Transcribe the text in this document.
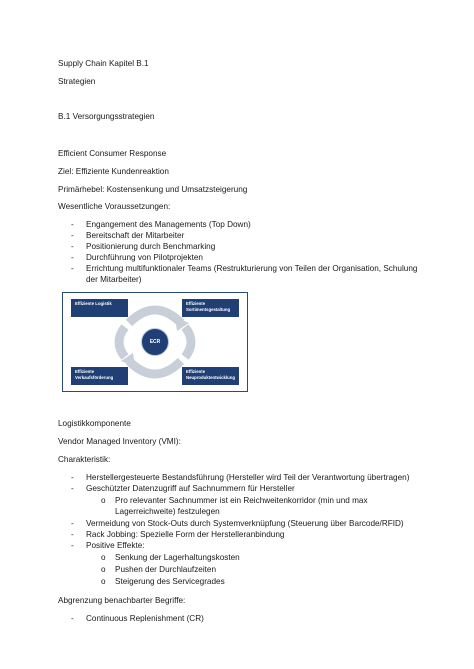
Supply Chain Kapitel B.1
Strategien
B.1 Versorgungsstrategien
Efficient Consumer Response
Ziel: Effiziente Kundenreaktion
Primärhebel: Kostensenkung und Umsatzsteigerung
Wesentliche Voraussetzungen:
-	Engangement des Managements (Top Down)
-	Bereitschaft der Mitarbeiter
-	Positionierung durch Benchmarking
-	Durchführung von Pilotprojekten
-	Errichtung multifunktionaler Teams (Restrukturierung von Teilen der Organisation, Schulung
der Mitarbeiter)
Effiziente Logistik	Effiziente Sortimentsgestaltung
Effiziente Verkaufsförderung
Effiziente Neuproduktentwicklung
ECR
Logistikkomponente
Vendor Managed Inventory (VMI):
Charakteristik:
-	Herstellergesteuerte Bestandsführung (Hersteller wird Teil der Verantwortung übertragen)
-	Geschützter Datenzugriff auf Sachnummern für Hersteller
o Pro relevanter Sachnummer ist ein Reichweitenkorridor (min und max
Lagerreichweite) festzulegen
-	Vermeidung von Stock-Outs durch Systemverknüpfung (Steuerung über Barcode/RFID)
-	Rack Jobbing: Spezielle Form der Herstelleranbindung
-	Positive Effekte:
o Senkung der Lagerhaltungskosten
o Pushen der Durchlaufzeiten
o Steigerung des Servicegrades
Abgrenzung benachbarter Begriffe:
-	Continuous Replenishment (CR)
